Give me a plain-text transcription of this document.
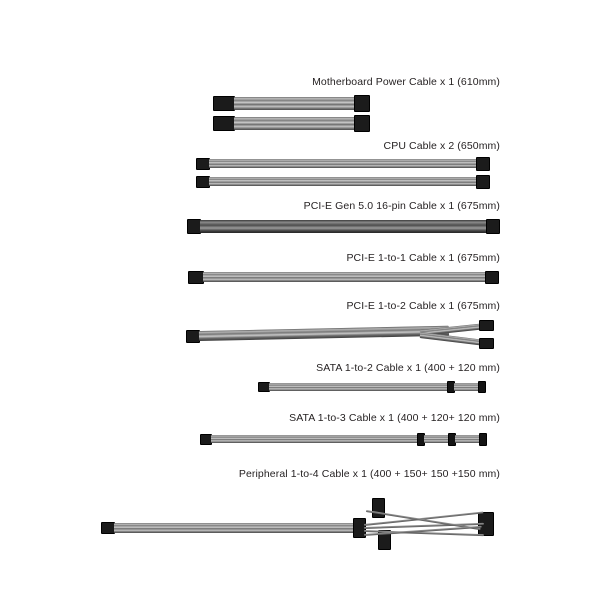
Motherboard Power Cable x 1 (610mm)
CPU Cable x 2 (650mm)
PCI-E Gen 5.0 16-pin Cable x 1 (675mm)
PCI-E 1-to-1 Cable x 1 (675mm)
PCI-E 1-to-2 Cable x 1 (675mm)
SATA 1-to-2 Cable x 1 (400 + 120 mm)
SATA 1-to-3 Cable x 1 (400 + 120+ 120 mm)
Peripheral 1-to-4 Cable x 1 (400 + 150+ 150 +150 mm)
